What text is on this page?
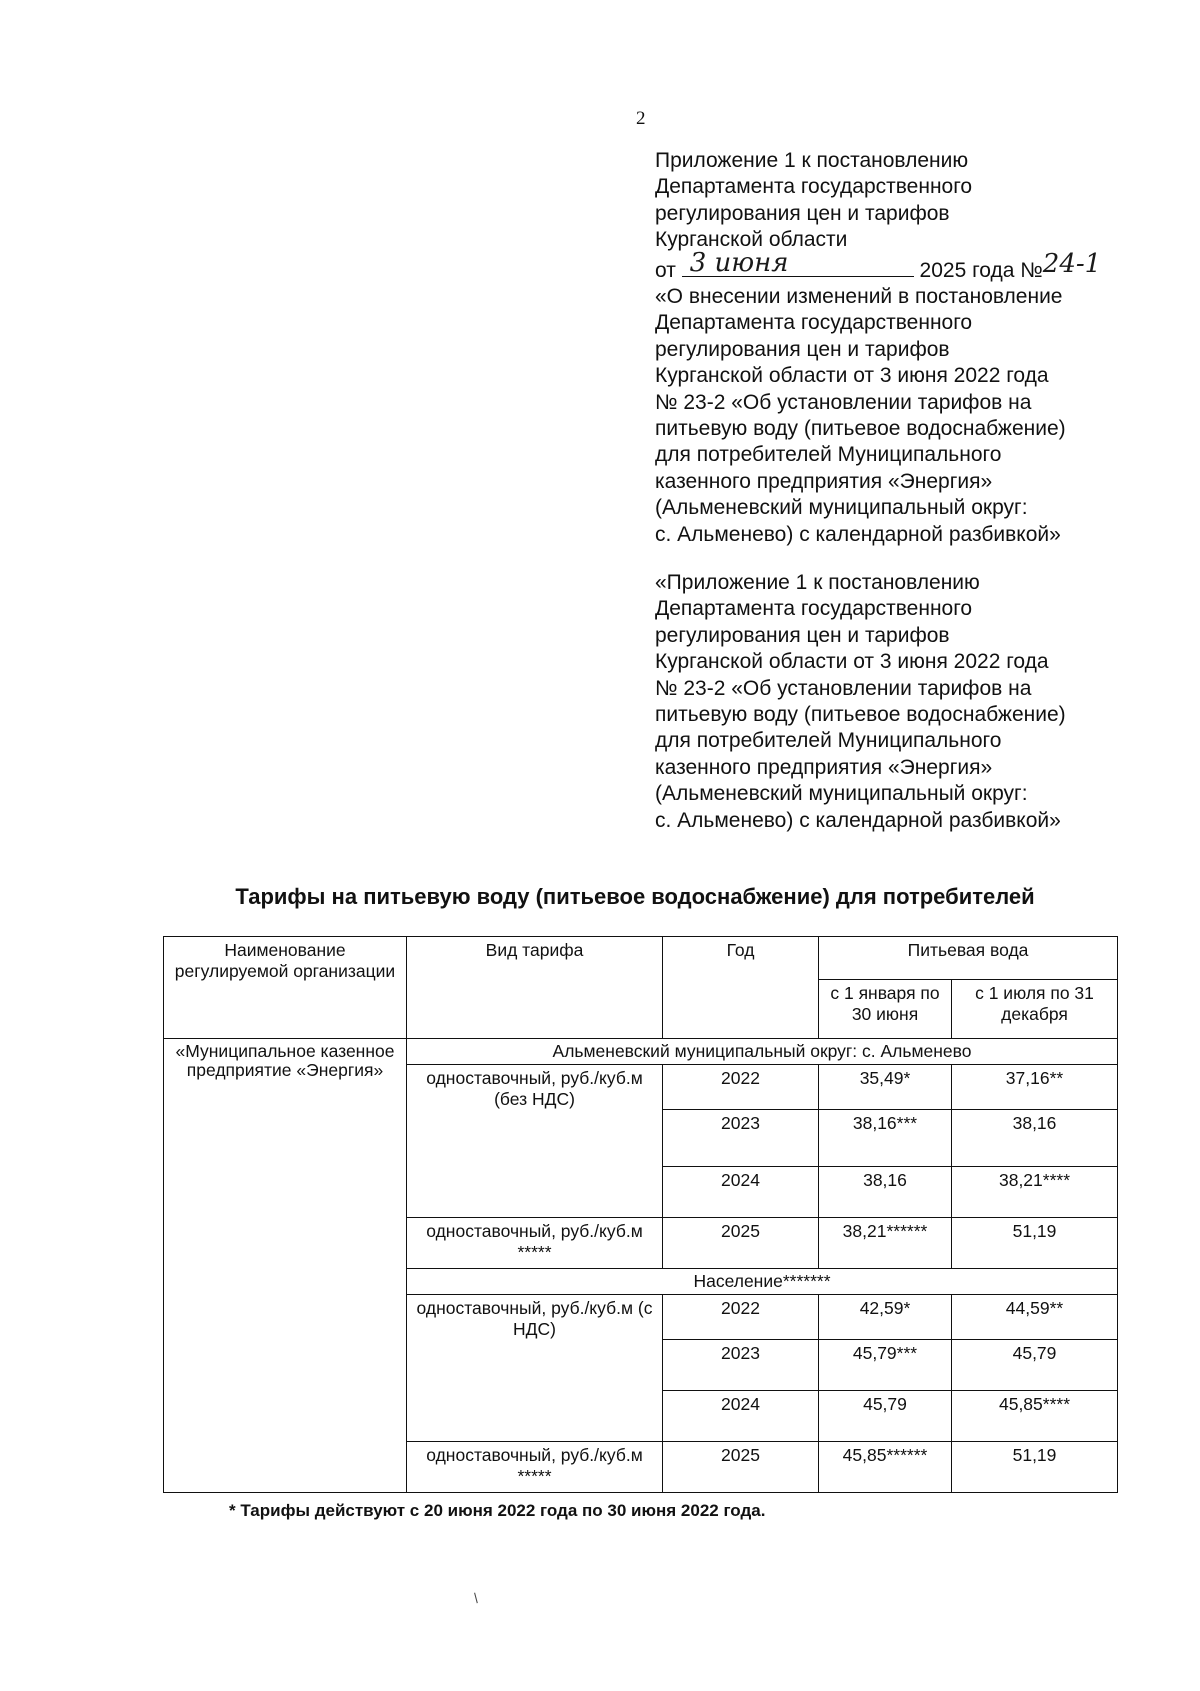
2
Приложение 1 к постановлению
Департамента государственного
регулирования цен и тарифов
Курганской области
от 3 июня	2025 года №24-1
«О внесении изменений в постановление
Департамента государственного
регулирования цен и тарифов
Курганской области от 3 июня 2022 года
№ 23-2 «Об установлении тарифов на
питьевую воду (питьевое водоснабжение)
для потребителей Муниципального
казенного предприятия «Энергия»
(Альменевский муниципальный округ:
с. Альменево) с календарной разбивкой»
«Приложение 1 к постановлению
Департамента государственного
регулирования цен и тарифов
Курганской области от 3 июня 2022 года
№ 23-2 «Об установлении тарифов на
питьевую воду (питьевое водоснабжение)
для потребителей Муниципального
казенного предприятия «Энергия»
(Альменевский муниципальный округ:
с. Альменево) с календарной разбивкой»
Тарифы на питьевую воду (питьевое водоснабжение) для потребителей
Наименование регулируемой организации	Вид тарифа	Год	Питьевая вода	
			с 1 января по 30 июня	с 1 июля по 31 декабря
«Муниципальное казенное предприятие «Энергия»	Альменевский муниципальный округ: с. Альменево			
	одноставочный, руб./куб.м (без НДС)	2022	35,49*	37,16**
		2023	38,16***	38,16
		2024	38,16	38,21****
	одноставочный, руб./куб.м *****	2025	38,21******	51,19
	Население*******			
	одноставочный, руб./куб.м (с НДС)	2022	42,59*	44,59**
		2023	45,79***	45,79
		2024	45,79	45,85****
	одноставочный, руб./куб.м *****	2025	45,85******	51,19
* Тарифы действуют с 20 июня 2022 года по 30 июня 2022 года.
/
